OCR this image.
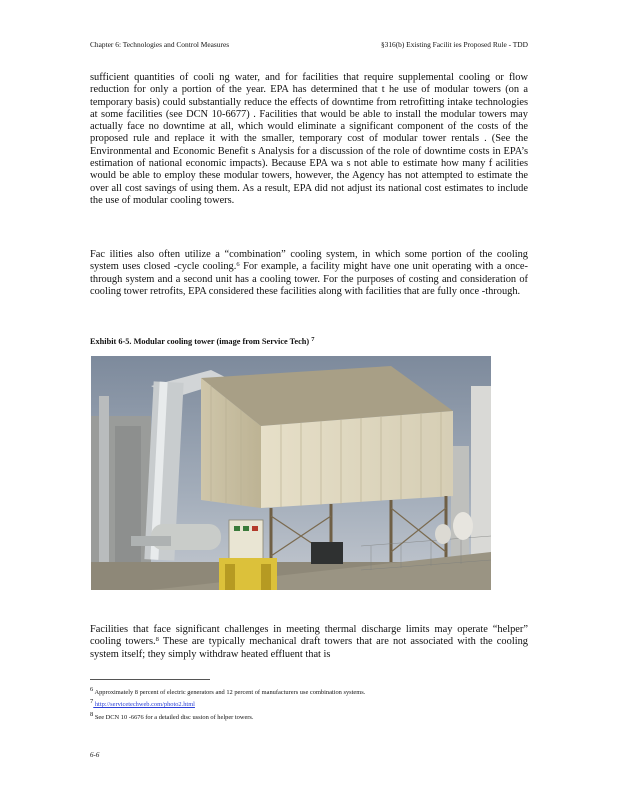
Chapter 6: Technologies and Control Measures	§316(b) Existing Facilit ies Proposed Rule - TDD

sufficient quantities of cooli ng water, and for facilities that require supplemental cooling or flow reduction for only a portion of the year. EPA has determined that t he use of modular towers (on a temporary basis) could substantially reduce the effects of downtime from retrofitting intake technologies at some facilities (see DCN 10-6677) . Facilities that would be able to install the modular towers may actually face no downtime at all, which would eliminate a significant component of the costs of the proposed rule and replace it with the smaller, temporary cost of modular tower rentals . (See the Environmental and Economic Benefit s Analysis for a discussion of the role of downtime costs in EPA’s estimation of national economic impacts). Because EPA wa s not able to estimate how many f acilities would be able to employ these modular towers, however, the Agency has not attempted to estimate the over all cost savings of using them. As a result, EPA did not adjust its national cost estimates to include the use of modular cooling towers.

Fac ilities also often utilize a “combination” cooling system, in which some portion of the cooling system uses closed -cycle cooling.$^6$ For example, a facility might have one unit operating with a once-through system and a second unit has a cooling tower. For the purposes of costing and consideration of cooling tower retrofits, EPA considered these facilities along with facilities that are fully once -through.

Exhibit 6-5. Modular cooling tower (image from Service Tech) $^7$

Facilities that face significant challenges in meeting thermal discharge limits may operate “helper” cooling towers.$^8$ These are typically mechanical draft towers that are not associated with the cooling system itself; they simply withdraw heated effluent that is

$^6$ Approximately 8 percent of electric generators and 12 percent of manufacturers use combination systems.
$^7$ http://servicetechweb.com/photo2.html
$^8$ See DCN 10 -6676 for a detailed disc ussion of helper towers.
6-6
